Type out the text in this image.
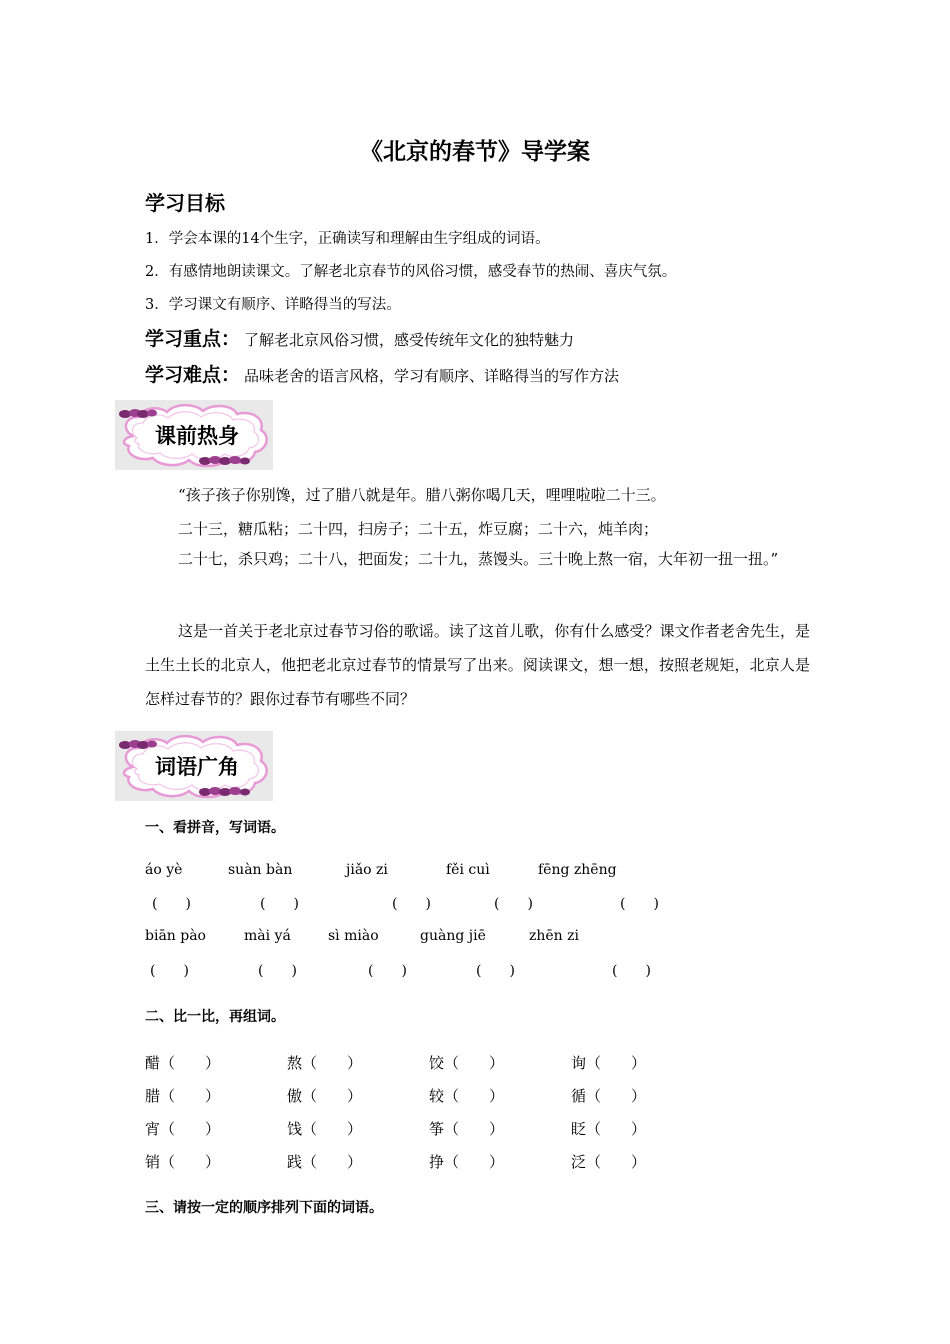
《北京的春节》导学案
学习目标
1．学会本课的14个生字，正确读写和理解由生字组成的词语。
2．有感情地朗读课文。了解老北京春节的风俗习惯，感受春节的热闹、喜庆气氛。
3．学习课文有顺序、详略得当的写法。
学习重点： 了解老北京风俗习惯，感受传统年文化的独特魅力
学习难点： 品味老舍的语言风格，学习有顺序、详略得当的写作方法
课前热身
“孩子孩子你别馋，过了腊八就是年。腊八粥你喝几天，哩哩啦啦二十三。
二十三，糖瓜粘；二十四，扫房子；二十五，炸豆腐；二十六，炖羊肉；
二十七，杀只鸡；二十八，把面发；二十九，蒸馒头。三十晚上熬一宿，大年初一扭一扭。”
这是一首关于老北京过春节习俗的歌谣。读了这首儿歌，你有什么感受？课文作者老舍先生，是土生土长的北京人，他把老北京过春节的情景写了出来。阅读课文，想一想，按照老规矩，北京人是怎样过春节的？跟你过春节有哪些不同？
词语广角
一、看拼音，写词语。
áo yè	suàn bàn	jiǎo zi	fěi cuì	fēng zhēng
(　　)	(　　)	(　　)	(　　)	(　　)
biān pào	mài yá	sì miào	guàng jiē	zhēn zi
(　　)	(　　)	(　　)	(　　)	(　　)
二、比一比，再组词。
醋（　　）	熬（　　）	饺（　　）	询（　　）
腊（　　）	傲（　　）	较（　　）	循（　　）
宵（　　）	饯（　　）	筝（　　）	眨（　　）
销（　　）	践（　　）	挣（　　）	泛（　　）
三、请按一定的顺序排列下面的词语。
